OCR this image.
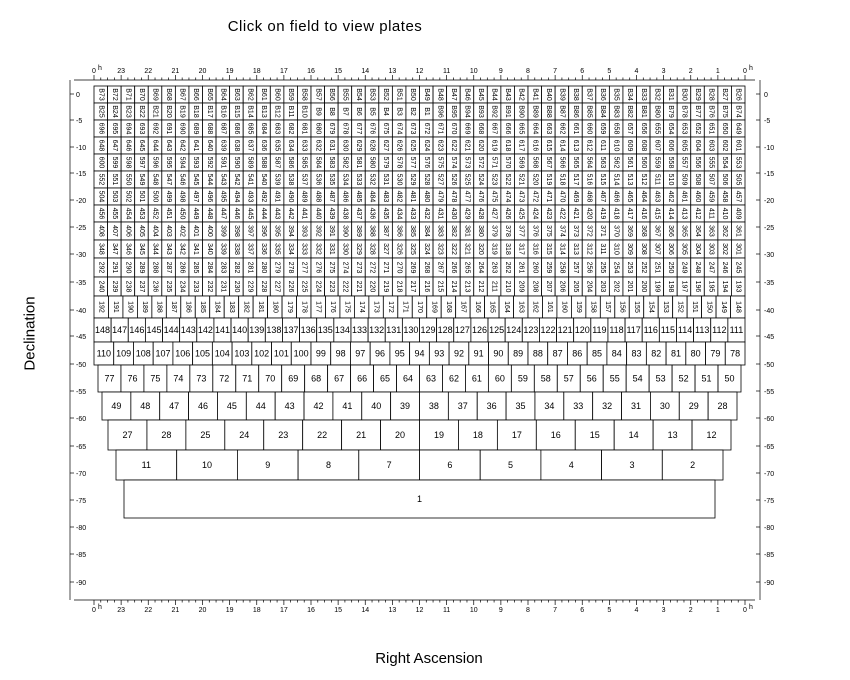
Click on field to view plates
Declination
Right Ascension
B73 B72 B71 B70 B69 B68 B67 B66 B65 B64 B63 B62 B61 B60 B59 B58 B57 B56 B55 B54 B53 B52 B51 B50 B49 B48 B47 B46 B45 B44 B43 B42 B41 B40 B39 B38 B37 B36 B35 B34 B33 B32 B31 B30 B29 B28 B27 B26
B25 B24 B23 B22 B21 B20 B19 B18 B17 B16 B15 B14 B13 B12 B11 B10 B9 B8 B7 B6 B5 B4 B3 B2 B1 B96 B95 B94 B93 B92 B91 B90 B89 B88 B87 B86 B85 B84 B83 B82 B81 B80 B79 B78 B77 B76 B75 B74
696 695 694 693 692 691 690 689 688 687 686 685 684 683 682 681 680 679 678 677 676 675 674 673 672 671 670 669 668 667 666 665 664 663 662 661 660 659 658 657 656 655 654 653 652 651 650 649
648 647 646 645 644 643 642 641 640 639 638 637 636 635 634 633 632 631 630 629 628 627 626 625 624 623 622 621 620 619 618 617 616 615 614 613 612 611 610 609 608 607 606 605 604 603 602 601
600 599 598 597 596 595 594 593 592 591 590 589 588 587 586 585 584 583 582 581 580 579 578 577 576 575 574 573 572 571 570 569 568 567 566 565 564 563 562 561 560 559 558 557 556 555 554 553
552 551 550 549 548 547 546 545 544 543 542 541 540 539 538 537 536 535 534 533 532 531 530 529 528 527 526 525 524 523 522 521 520 519 518 517 516 515 514 513 512 511 510 509 508 507 506 505
504 503 502 501 500 499 498 497 496 495 494 493 492 491 490 489 488 487 486 485 484 483 482 481 480 479 478 477 476 475 474 473 472 471 470 469 468 467 466 465 464 463 462 461 460 459 458 457
456 455 454 453 452 451 450 449 448 447 446 445 444 443 442 441 440 439 438 437 436 435 434 433 432 431 430 429 428 427 426 425 424 423 422 421 420 419 418 417 416 415 414 413 412 411 410 409
408 407 406 405 404 403 402 401 400 399 398 397 396 395 394 393 392 391 390 389 388 387 386 385 384 383 382 381 380 379 378 377 376 375 374 373 372 371 370 369 368 367 366 365 364 363 362 361
348 347 346 345 344 343 342 341 340 339 338 337 336 335 334 333 332 331 330 329 328 327 326 325 324 323 322 321 320 319 318 317 316 315 314 313 312 311 310 309 308 307 306 305 304 303 302 301
292 291 290 289 288 287 286 285 284 283 282 281 280 279 278 277 276 275 274 273 272 271 270 269 268 267 266 265 264 263 262 261 260 259 258 257 256 255 254 253 252 251 250 249 248 247 246 245
240 239 238 237 236 235 234 233 232 231 230 229 228 227 226 225 224 223 222 221 220 219 218 217 216 215 214 213 212 211 210 209 208 207 206 205 204 203 202 201 200 199 198 197 196 195 194 193
192 191 190 189 188 187 186 185 184 183 182 181 180 179 178 177 176 175 174 173 172 171 170 169 168 167 166 165 164 163 162 161 160 159 158 157 156 155 154 153 152 151 150 149 148
148 147 146 145 144 143 142 141 140 139 138 137 136 135 134 133 132 131 130 129 128 127 126 125 124 123 122 121 120 119 118 117 116 115 114 113 112 111
110 109 108 107 106 105 104 103 102 101 100 99 98 97 96 95 94 93 92 91 90 89 88 87 86 85 84 83 82 81 80 79 78
77 76 75 74 73 72 71 70 69 68 67 66 65 64 63 62 61 60 59 58 57 56 55 54 53 52 51 50
49 48 47 46 45 44 43 42 41 40 39 38 37 36 35 34 33 32 31 30 29 28
27	28	25	24	23	22	21	20	19	18	17	16	15	14	13	12
11	10	9	8	7	6	5	4	3	2
1
0	23	22	21	20	19	18	17	16	15	14	13	12	11	10	9	8	7	6	5	4	3	2	1	0
h	h
0	23	22	21	20	19	18	17	16	15	14	13	12	11	10	9	8	7	6	5	4	3	2	1	0
h	h
0	0
-5	-5
-10	-10
-15	-15
-20	-20
-25	-25
-30	-30
-35	-35
-40	-40
-45	-45
-50	-50
-55	-55
-60	-60
-65	-65
-70	-70
-75	-75
-80	-80
-85	-85
-90	-90
